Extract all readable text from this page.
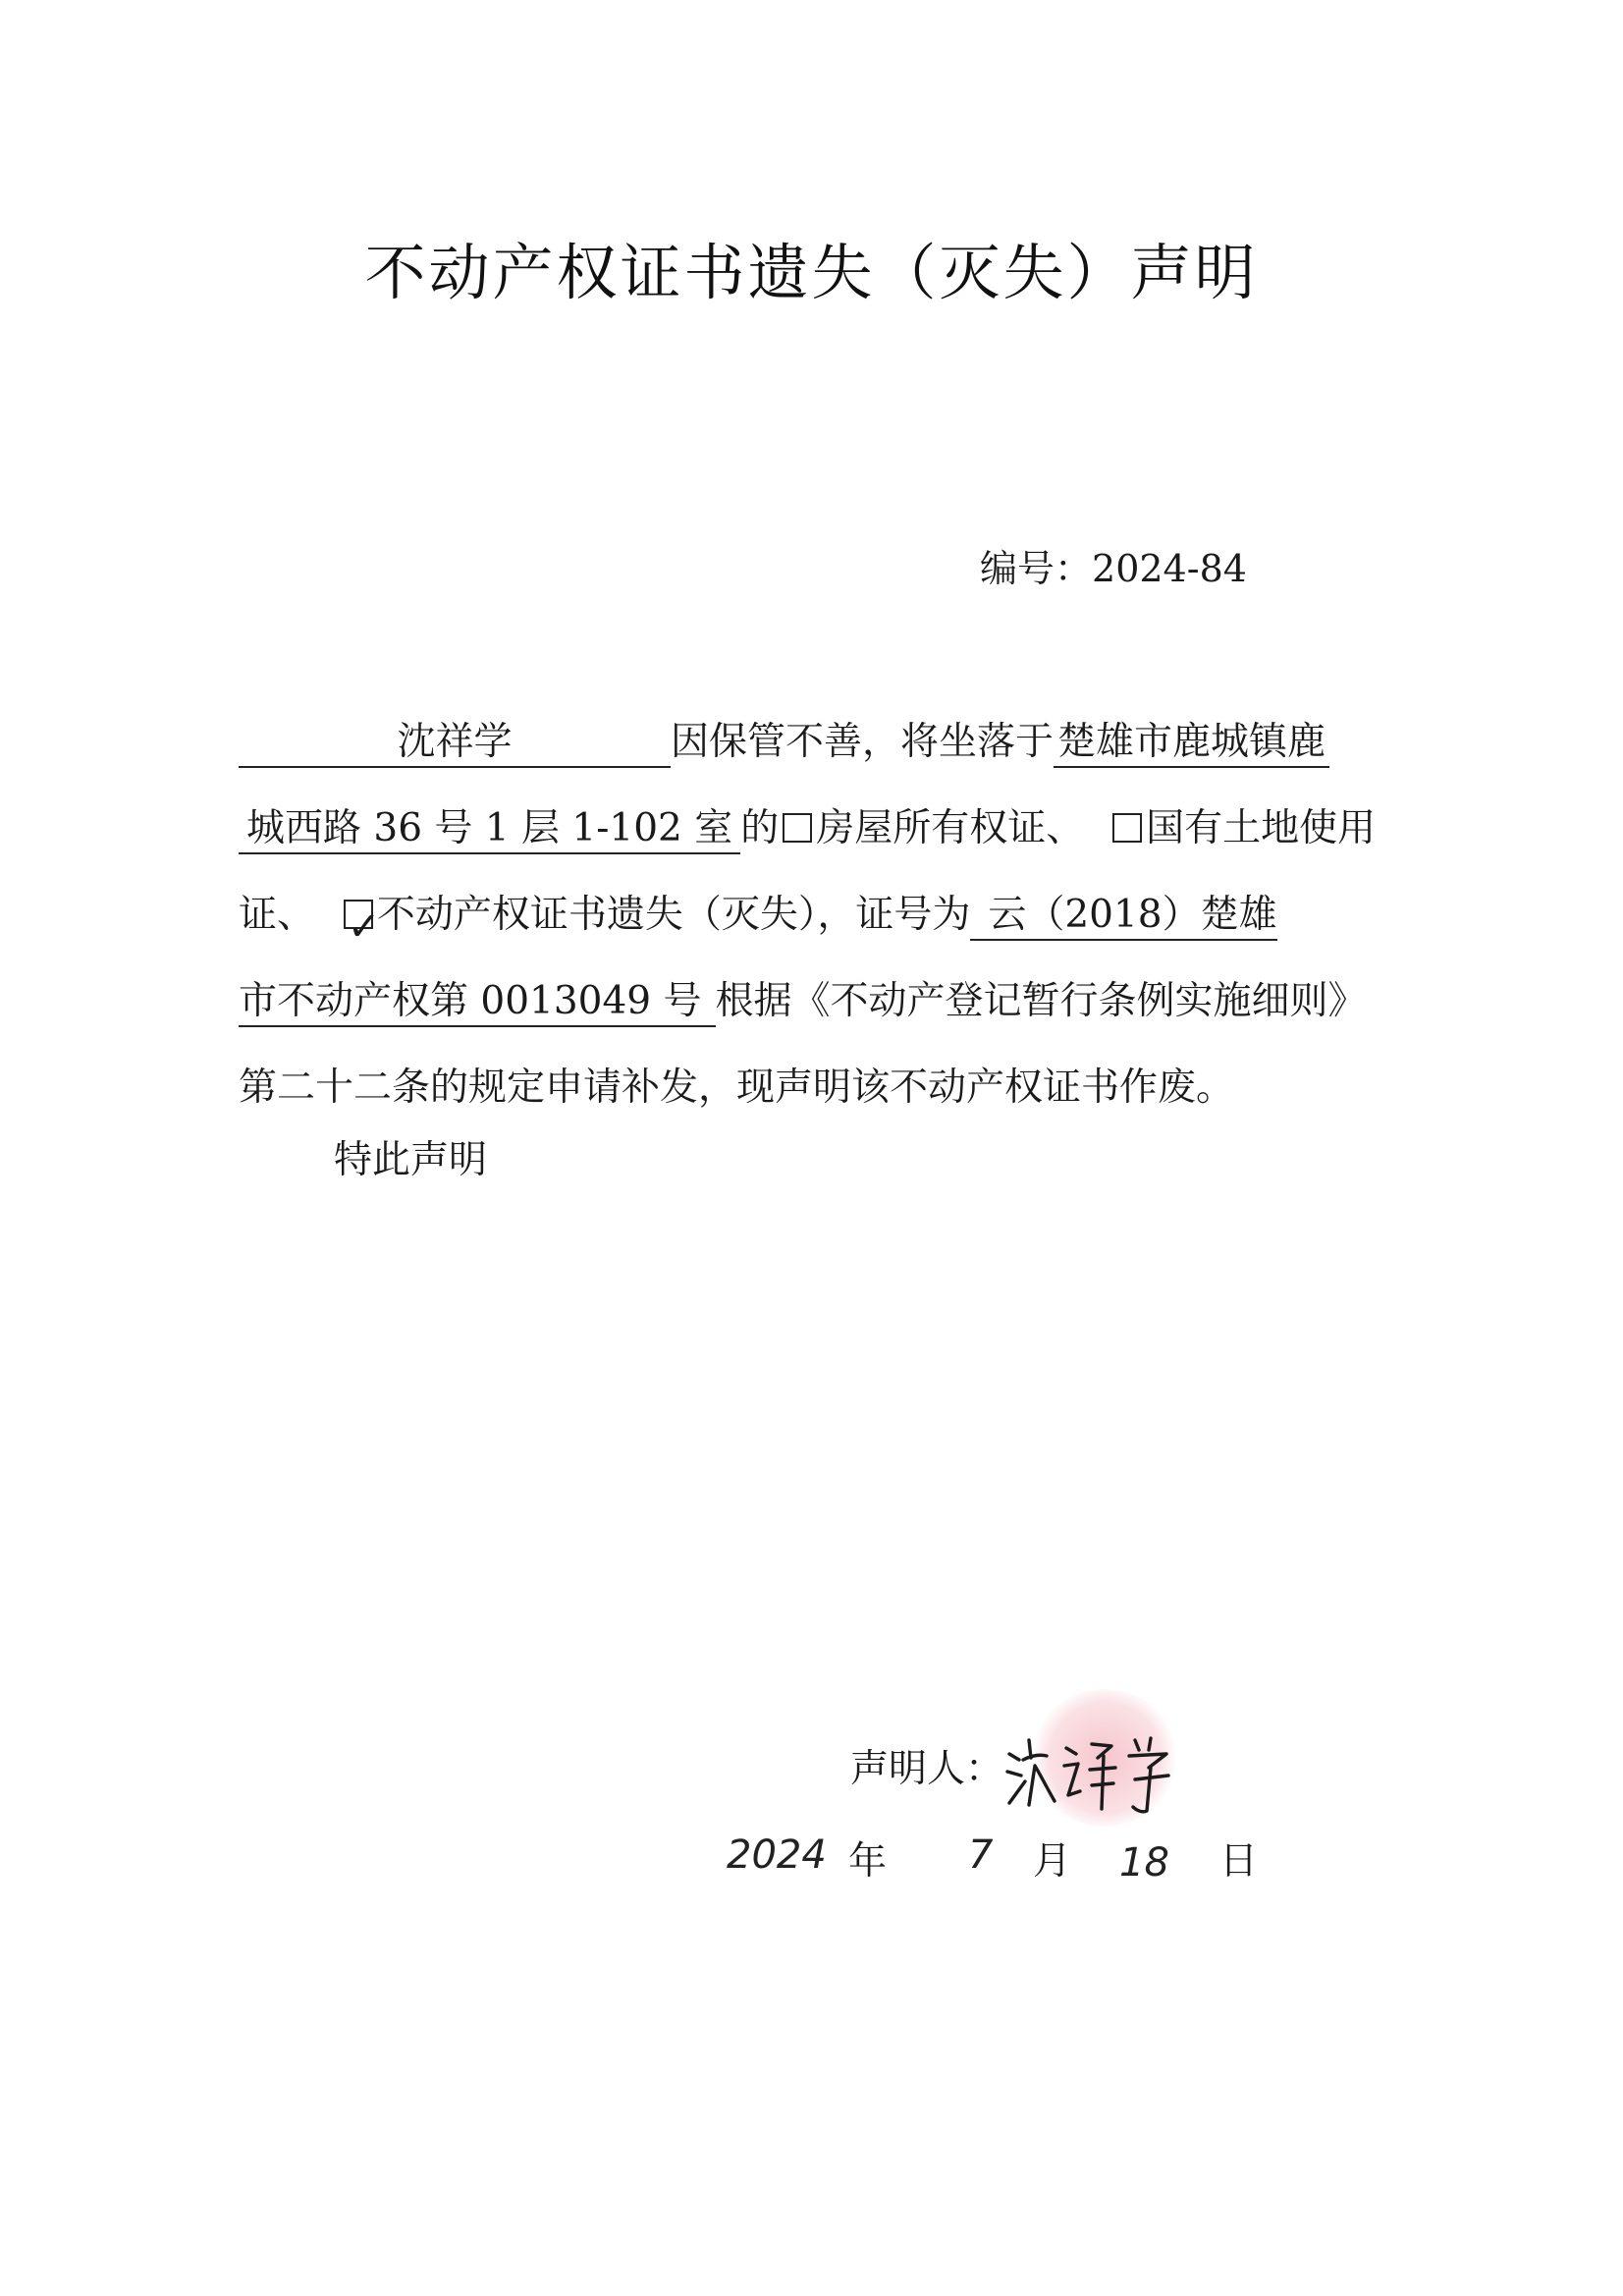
不动产权证书遗失（灭失）声明
编号：2024-84
沈祥学	因保管不善，将坐落于 楚雄市鹿城镇鹿
城西路 36 号 1 层 1-102 室 的 房屋所有权证、 国有土地使用证、 ✓
不动产权证书遗失（灭失），证号为 云（2018）楚雄
市不动产权第 0013049 号 根据《不动产登记暂行条例实施细则》第二十二条的规定申请补发，现声明该不动产权证书作废。
特此声明
声明人：
2024 年 7 月 18 日
